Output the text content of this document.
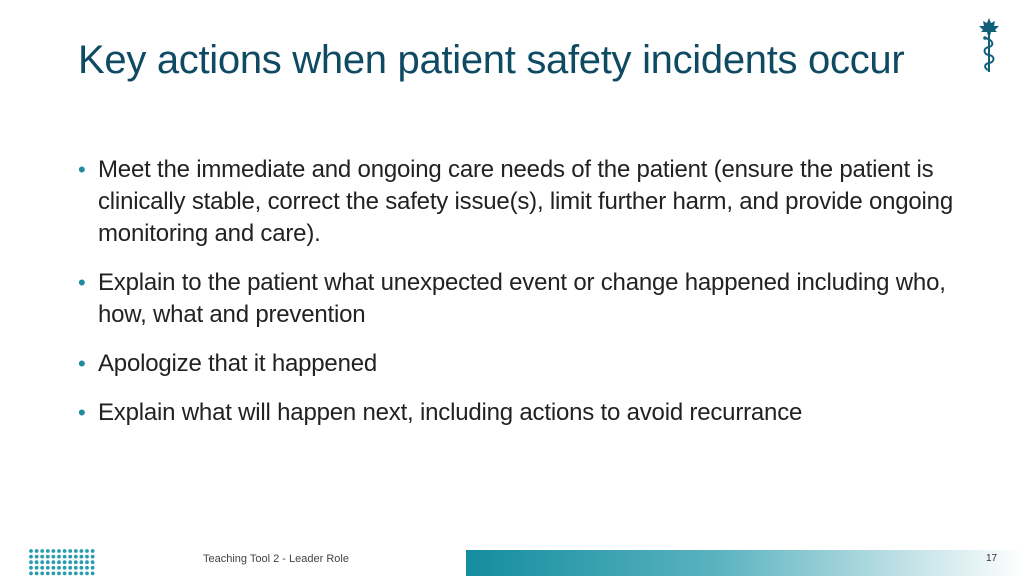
Key actions when patient safety incidents occur
• Meet the immediate and ongoing care needs of the patient (ensure the patient is clinically stable, correct the safety issue(s), limit further harm, and provide ongoing monitoring and care).
• Explain to the patient what unexpected event or change happened including who, how, what and prevention
• Apologize that it happened
• Explain what will happen next, including actions to avoid recurrance
Teaching Tool 2 - Leader Role	17
